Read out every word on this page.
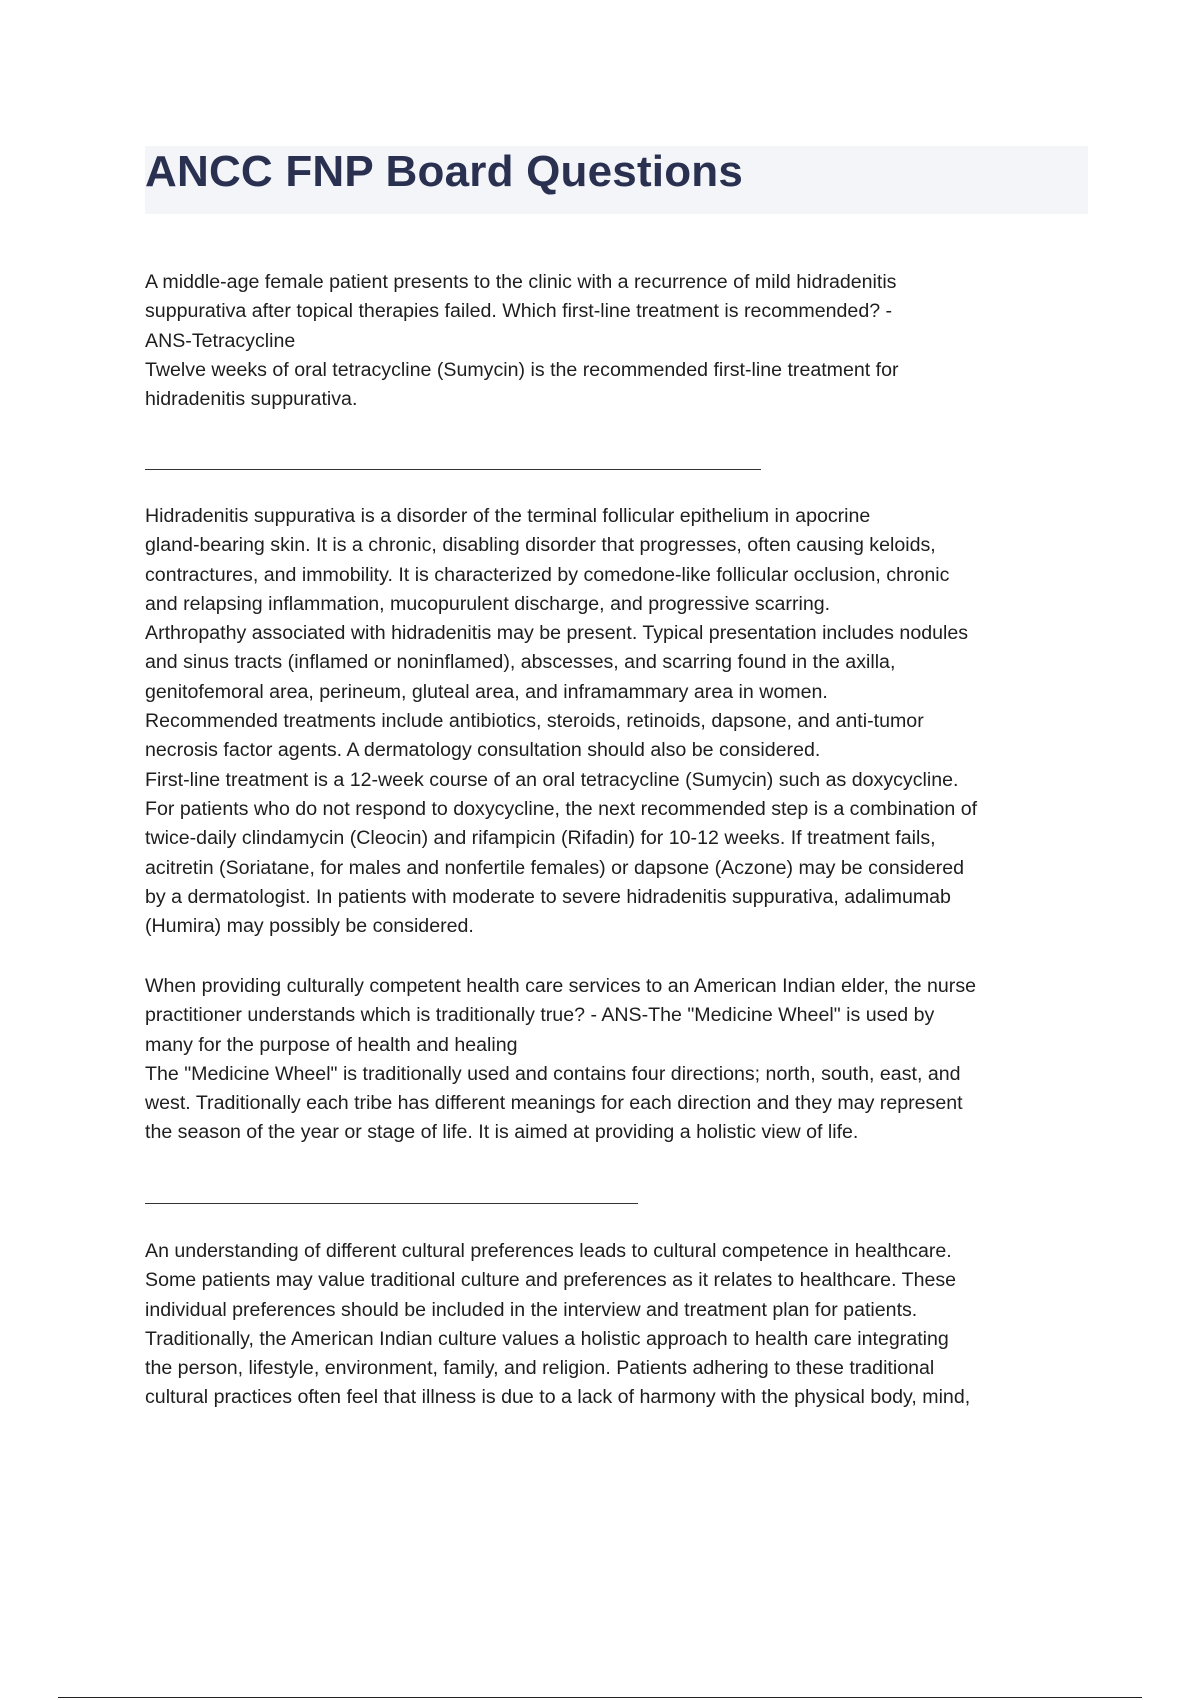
ANCC FNP Board Questions
A middle-age female patient presents to the clinic with a recurrence of mild hidradenitis
suppurativa after topical therapies failed. Which first-line treatment is recommended? -
ANS-Tetracycline
Twelve weeks of oral tetracycline (Sumycin) is the recommended first-line treatment for
hidradenitis suppurativa.
Hidradenitis suppurativa is a disorder of the terminal follicular epithelium in apocrine
gland-bearing skin. It is a chronic, disabling disorder that progresses, often causing keloids,
contractures, and immobility. It is characterized by comedone-like follicular occlusion, chronic
and relapsing inflammation, mucopurulent discharge, and progressive scarring.
Arthropathy associated with hidradenitis may be present. Typical presentation includes nodules
and sinus tracts (inflamed or noninflamed), abscesses, and scarring found in the axilla,
genitofemoral area, perineum, gluteal area, and inframammary area in women.
Recommended treatments include antibiotics, steroids, retinoids, dapsone, and anti-tumor
necrosis factor agents. A dermatology consultation should also be considered.
First-line treatment is a 12-week course of an oral tetracycline (Sumycin) such as doxycycline.
For patients who do not respond to doxycycline, the next recommended step is a combination of
twice-daily clindamycin (Cleocin) and rifampicin (Rifadin) for 10-12 weeks. If treatment fails,
acitretin (Soriatane, for males and nonfertile females) or dapsone (Aczone) may be considered
by a dermatologist. In patients with moderate to severe hidradenitis suppurativa, adalimumab
(Humira) may possibly be considered.
When providing culturally competent health care services to an American Indian elder, the nurse
practitioner understands which is traditionally true? - ANS-The "Medicine Wheel" is used by
many for the purpose of health and healing
The "Medicine Wheel" is traditionally used and contains four directions; north, south, east, and
west. Traditionally each tribe has different meanings for each direction and they may represent
the season of the year or stage of life. It is aimed at providing a holistic view of life.
An understanding of different cultural preferences leads to cultural competence in healthcare.
Some patients may value traditional culture and preferences as it relates to healthcare. These
individual preferences should be included in the interview and treatment plan for patients.
Traditionally, the American Indian culture values a holistic approach to health care integrating
the person, lifestyle, environment, family, and religion. Patients adhering to these traditional
cultural practices often feel that illness is due to a lack of harmony with the physical body, mind,
